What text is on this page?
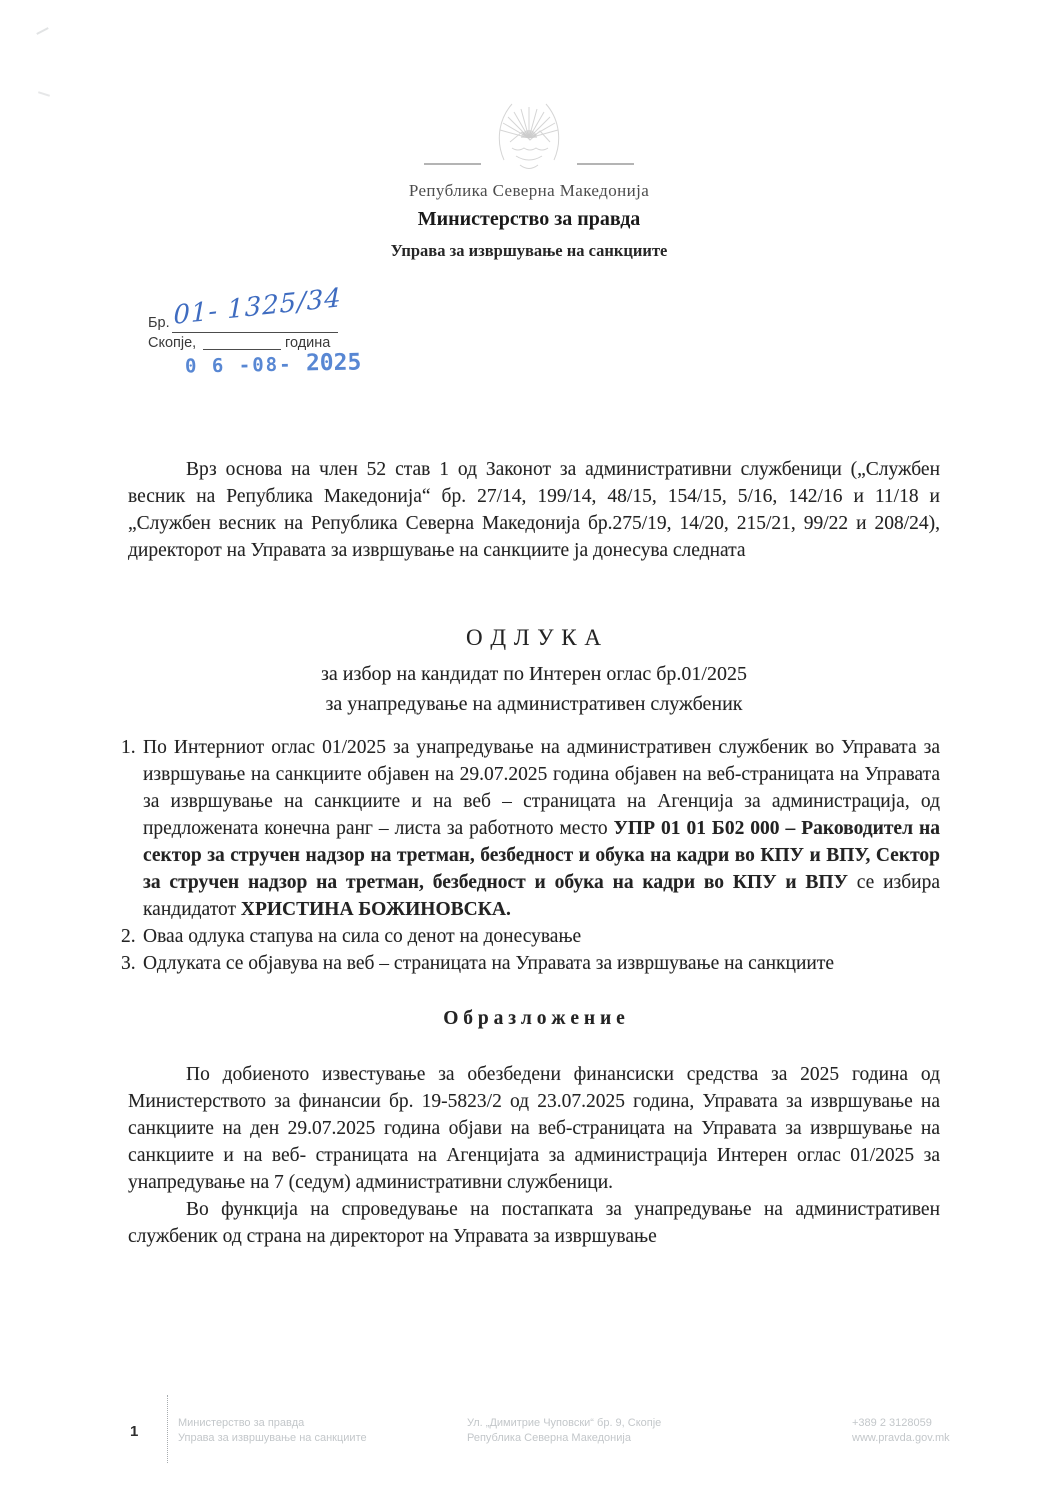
Република Северна Македонија
Министерство за правда
Управа за извршување на санкциите
Бр. 01- 1325/34
Скопје,	година
0 6 -08- 2025

Врз основа на член 52 став 1 од Законот за административни службеници („Службен весник на Република Македонија“ бр. 27/14, 199/14, 48/15, 154/15, 5/16, 142/16 и 11/18 и „Службен весник на Република Северна Македонија бр.275/19, 14/20, 215/21, 99/22 и 208/24), директорот на Управата за извршување на санкциите ја донесува следната

О Д Л У К А
за избор на кандидат по Интерен оглас бр.01/2025
за унапредување на административен службеник
1. По Интерниот оглас 01/2025 за унапредување на административен службеник во Управата за извршување на санкциите објавен на 29.07.2025 година објавен на веб-страницата на Управата за извршување на санкциите и на веб – страницата на Агенција за администрација, од предложената конечна ранг – листа за работното место УПР 01 01 Б02 000 – Раководител на сектор за стручен надзор на третман, безбедност и обука на кадри во КПУ и ВПУ, Сектор за стручен надзор на третман, безбедност и обука на кадри во КПУ и ВПУ се избира кандидатот ХРИСТИНА БОЖИНОВСКА.
2. Оваа одлука стапува на сила со денот на донесување
3. Одлуката се објавува на веб – страницата на Управата за извршување на санкциите
О б р а з л о ж е н и е

По добиеното известување за обезбедени финансиски средства за 2025 година од Министерството за финансии бр. 19-5823/2 од 23.07.2025 година, Управата за извршување на санкциите на ден 29.07.2025 година објави на веб-страницата на Управата за извршување на санкциите и на веб- страницата на Агенцијата за администрација Интерен оглас 01/2025 за унапредување на 7 (седум) административни службеници.

Во функција на спроведување на постапката за унапредување на административен службеник од страна на директорот на Управата за извршување

1	Министерство за правда
Управа за извршување на санкциите
Ул. „Димитрие Чуповски“ бр. 9, Скопје
Република Северна Македонија
+389 2 3128059
www.pravda.gov.mk
